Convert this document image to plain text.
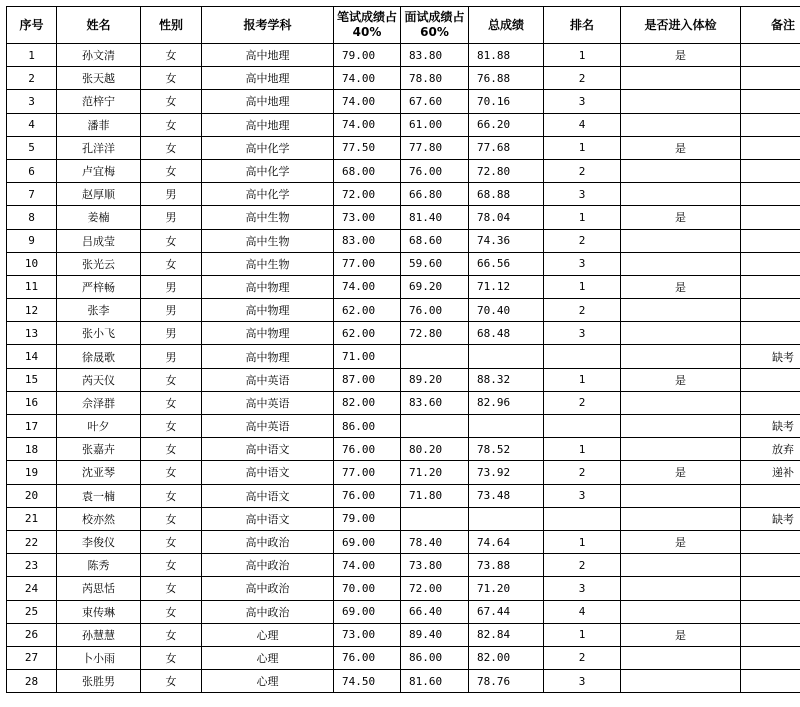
序号	姓名	性别	报考学科	笔试成绩占40%	面试成绩占60%	总成绩	排名	是否进入体检	备注
1	孙文清	女	高中地理	79.00	83.80	81.88	1	是	
2	张天越	女	高中地理	74.00	78.80	76.88	2		
3	范梓宁	女	高中地理	74.00	67.60	70.16	3		
4	潘菲	女	高中地理	74.00	61.00	66.20	4		
5	孔洋洋	女	高中化学	77.50	77.80	77.68	1	是	
6	卢宜梅	女	高中化学	68.00	76.00	72.80	2		
7	赵厚顺	男	高中化学	72.00	66.80	68.88	3		
8	姜楠	男	高中生物	73.00	81.40	78.04	1	是	
9	吕成莹	女	高中生物	83.00	68.60	74.36	2		
10	张光云	女	高中生物	77.00	59.60	66.56	3		
11	严梓畅	男	高中物理	74.00	69.20	71.12	1	是	
12	张李	男	高中物理	62.00	76.00	70.40	2		
13	张小飞	男	高中物理	62.00	72.80	68.48	3		
14	徐晟歌	男	高中物理	71.00					缺考
15	芮天仪	女	高中英语	87.00	89.20	88.32	1	是	
16	佘泽群	女	高中英语	82.00	83.60	82.96	2		
17	叶夕	女	高中英语	86.00					缺考
18	张嘉卉	女	高中语文	76.00	80.20	78.52	1		放弃
19	沈亚琴	女	高中语文	77.00	71.20	73.92	2	是	递补
20	袁一楠	女	高中语文	76.00	71.80	73.48	3		
21	校亦然	女	高中语文	79.00					缺考
22	李俊仪	女	高中政治	69.00	78.40	74.64	1	是	
23	陈秀	女	高中政治	74.00	73.80	73.88	2		
24	芮思恬	女	高中政治	70.00	72.00	71.20	3		
25	束传琳	女	高中政治	69.00	66.40	67.44	4		
26	孙慧慧	女	心理	73.00	89.40	82.84	1	是	
27	卜小雨	女	心理	76.00	86.00	82.00	2		
28	张胜男	女	心理	74.50	81.60	78.76	3		
